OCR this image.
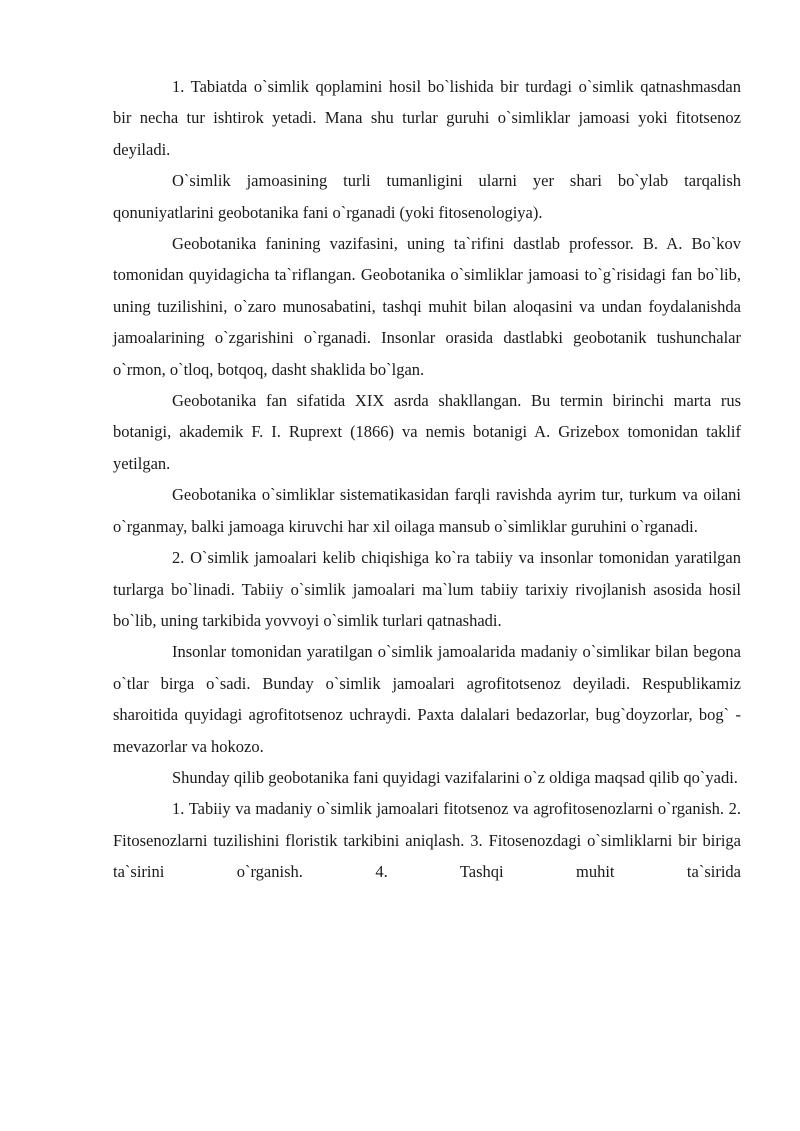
1. Tabiatda o`simlik qoplamini hosil bo`lishida bir turdagi o`simlik qatnashmasdan bir necha tur ishtirok yetadi. Mana shu turlar guruhi o`simliklar jamoasi yoki fitotsenoz deyiladi.

O`simlik jamoasining turli tumanligini ularni yer shari bo`ylab tarqalish qonuniyatlarini geobotanika fani o`rganadi (yoki fitosenologiya).

Geobotanika fanining vazifasini, uning ta`rifini dastlab professor. B. A. Bo`kov tomonidan quyidagicha ta`riflangan. Geobotanika o`simliklar jamoasi to`g`risidagi fan bo`lib, uning tuzilishini, o`zaro munosabatini, tashqi muhit bilan aloqasini va undan foydalanishda jamoalarining o`zgarishini o`rganadi. Insonlar orasida dastlabki geobotanik tushunchalar o`rmon, o`tloq, botqoq, dasht shaklida bo`lgan.

Geobotanika fan sifatida XIX asrda shakllangan. Bu termin birinchi marta rus botanigi, akademik F. I. Ruprext (1866) va nemis botanigi A. Grizebox tomonidan taklif yetilgan.

Geobotanika o`simliklar sistematikasidan farqli ravishda ayrim tur, turkum va oilani o`rganmay, balki jamoaga kiruvchi har xil oilaga mansub o`simliklar guruhini o`rganadi.

2. O`simlik jamoalari kelib chiqishiga ko`ra tabiiy va insonlar tomonidan yaratilgan turlarga bo`linadi. Tabiiy o`simlik jamoalari ma`lum tabiiy tarixiy rivojlanish asosida hosil bo`lib, uning tarkibida yovvoyi o`simlik turlari qatnashadi.

Insonlar tomonidan yaratilgan o`simlik jamoalarida madaniy o`simlikar bilan begona o`tlar birga o`sadi. Bunday o`simlik jamoalari agrofitotsenoz deyiladi. Respublikamiz sharoitida quyidagi agrofitotsenoz uchraydi. Paxta dalalari bedazorlar, bug`doyzorlar, bog` - mevazorlar va hokozo.

Shunday qilib geobotanika fani quyidagi vazifalarini o`z oldiga maqsad qilib qo`yadi.

1. Tabiiy va madaniy o`simlik jamoalari fitotsenoz va agrofitosenozlarni o`rganish. 2. Fitosenozlarni tuzilishini floristik tarkibini aniqlash. 3. Fitosenozdagi o`simliklarni bir biriga ta`sirini o`rganish. 4. Tashqi muhit ta`sirida
